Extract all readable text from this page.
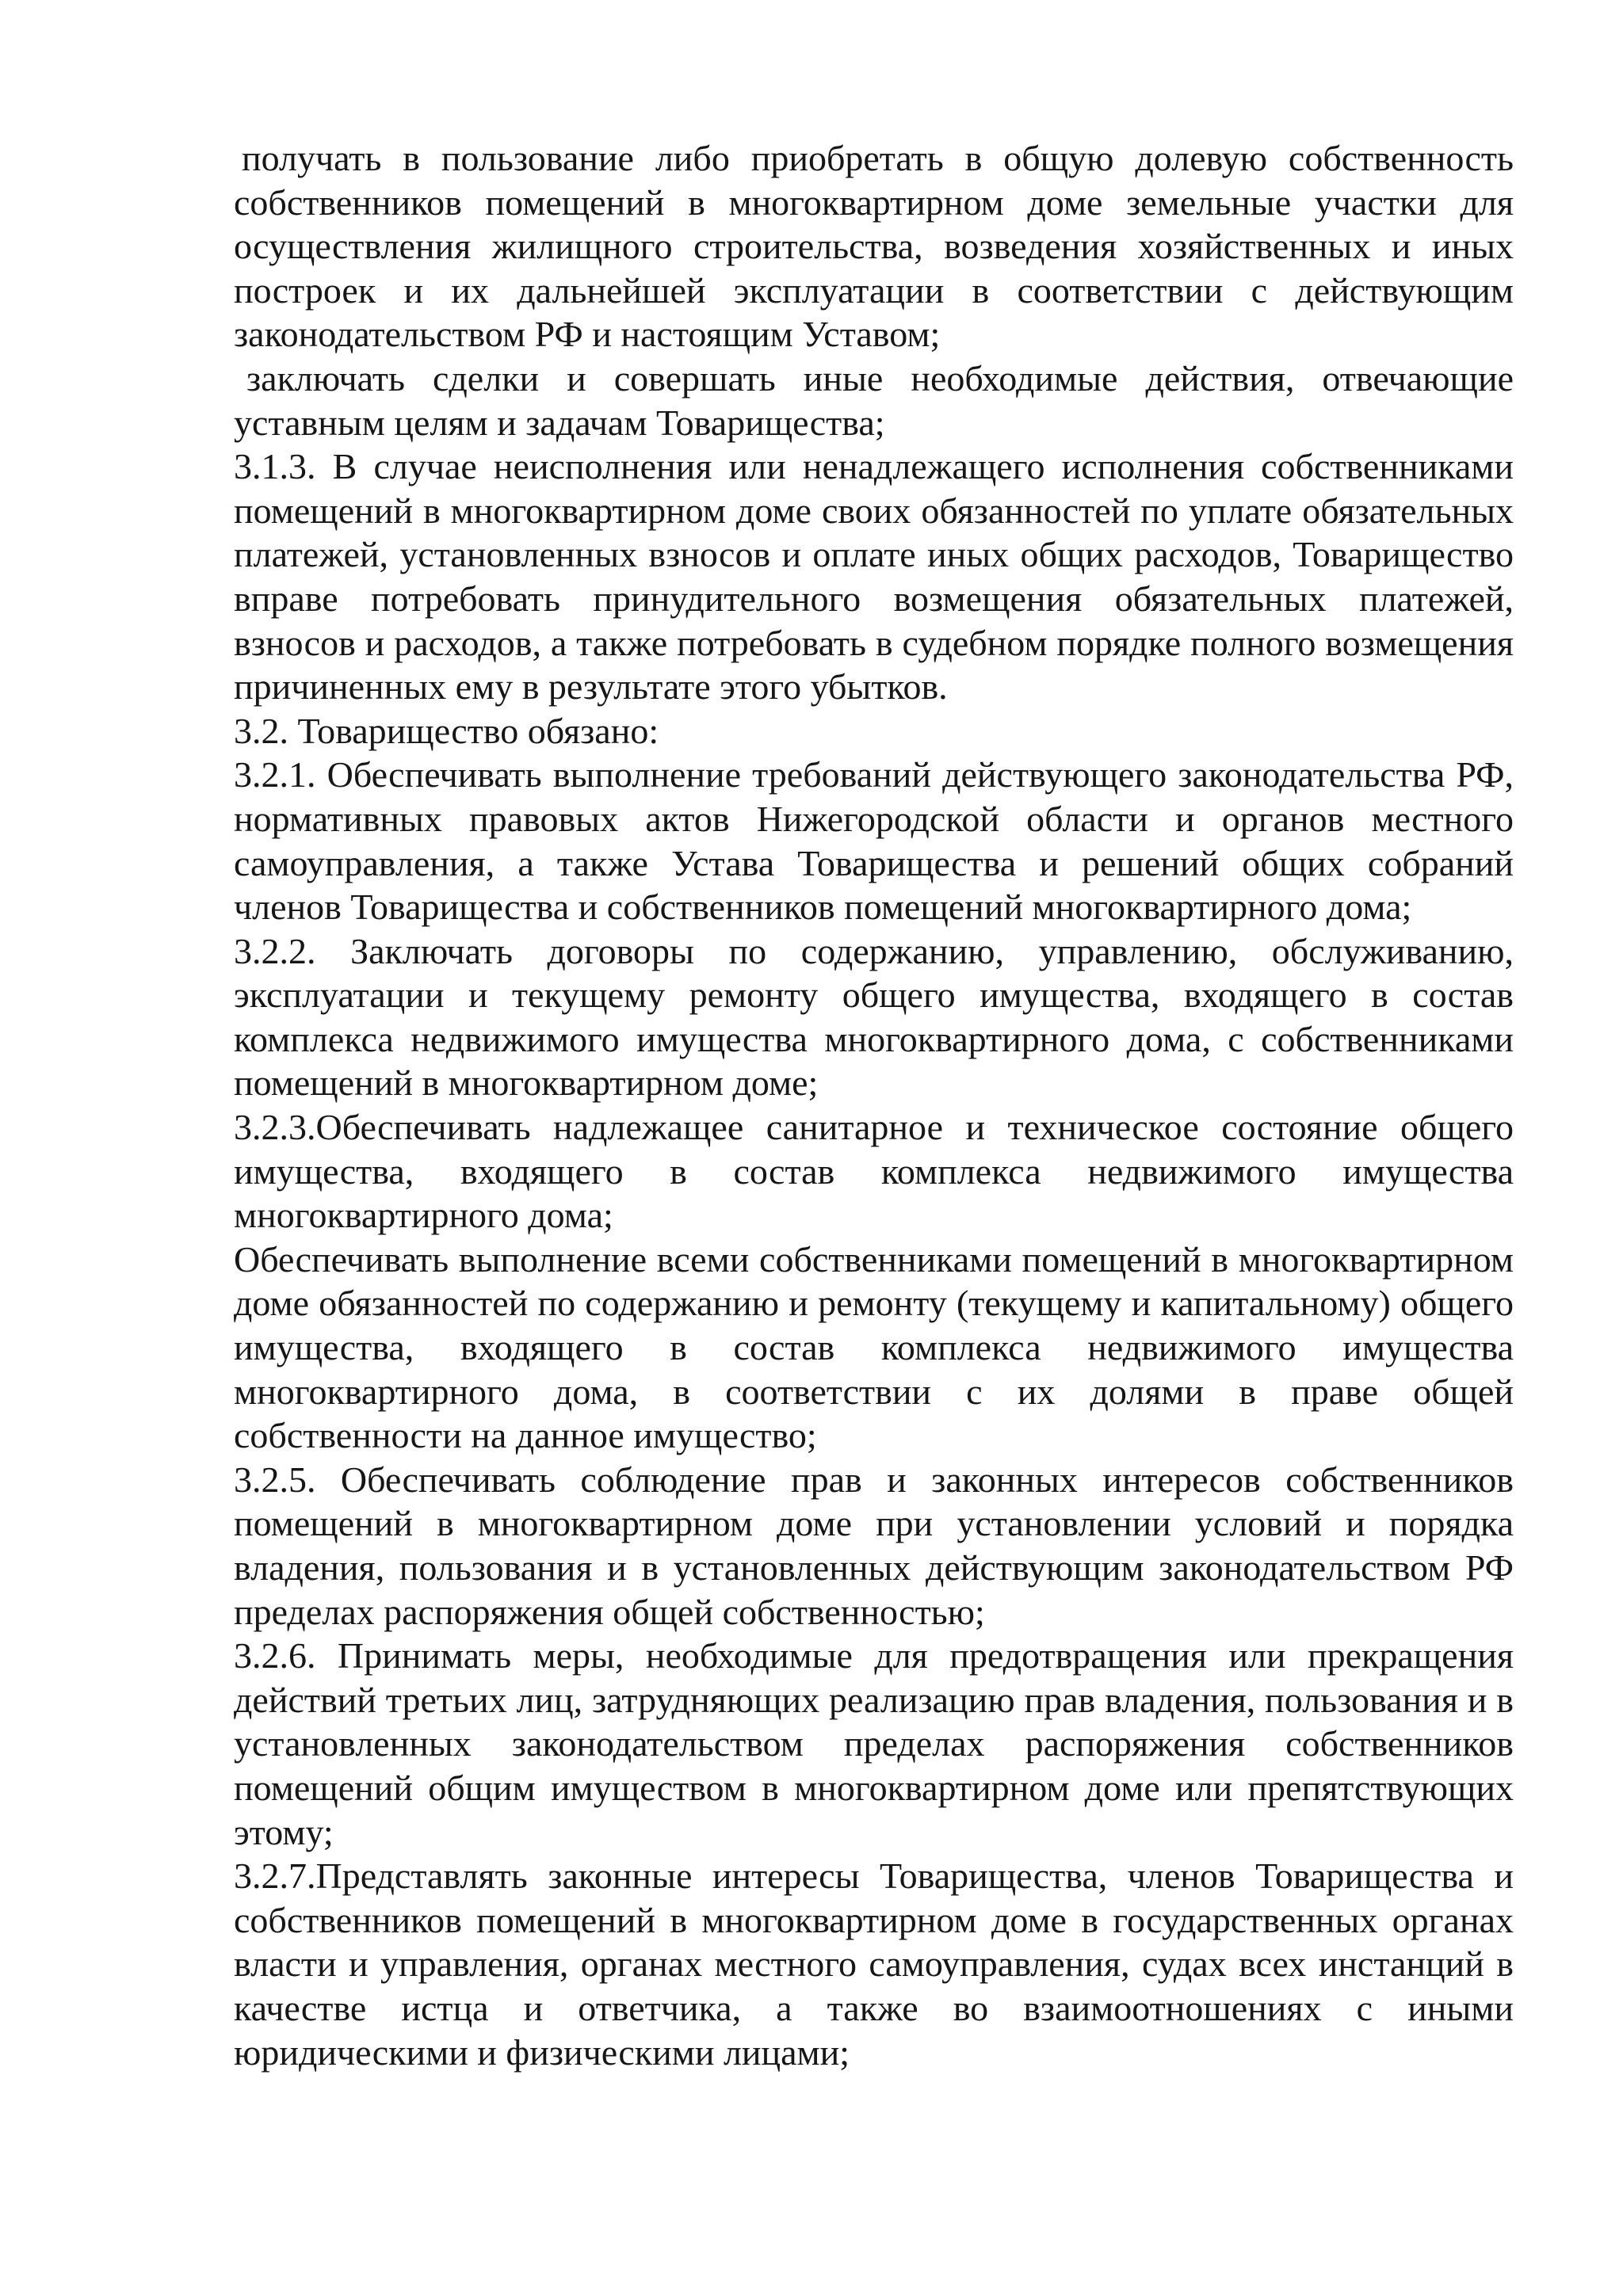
получать в пользование либо приобретать в общую долевую собственность собственников помещений в многоквартирном доме земельные участки для осуществления жилищного строительства, возведения хозяйственных и иных построек и их дальнейшей эксплуатации в соответствии с действующим законодательством РФ и настоящим Уставом;

заключать сделки и совершать иные необходимые действия, отвечающие уставным целям и задачам Товарищества;

3.1.3. В случае неисполнения или ненадлежащего исполнения собственниками помещений в многоквартирном доме своих обязанностей по уплате обязательных платежей, установленных взносов и оплате иных общих расходов, Товарищество вправе потребовать принудительного возмещения обязательных платежей, взносов и расходов, а также потребовать в судебном порядке полного возмещения причиненных ему в результате этого убытков.

3.2. Товарищество обязано:

3.2.1. Обеспечивать выполнение требований действующего законодательства РФ, нормативных правовых актов Нижегородской области и органов местного самоуправления, а также Устава Товарищества и решений общих собраний членов Товарищества и собственников помещений многоквартирного дома;

3.2.2. Заключать договоры по содержанию, управлению, обслуживанию, эксплуатации и текущему ремонту общего имущества, входящего в состав комплекса недвижимого имущества многоквартирного дома, с собственниками помещений в многоквартирном доме;

3.2.3.Обеспечивать надлежащее санитарное и техническое состояние общего имущества, входящего в состав комплекса недвижимого имущества многоквартирного дома;

Обеспечивать выполнение всеми собственниками помещений в многоквартирном доме обязанностей по содержанию и ремонту (текущему и капитальному) общего имущества, входящего в состав комплекса недвижимого имущества многоквартирного дома, в соответствии с их долями в праве общей собственности на данное имущество;

3.2.5. Обеспечивать соблюдение прав и законных интересов собственников помещений в многоквартирном доме при установлении условий и порядка владения, пользования и в установленных действующим законодательством РФ пределах распоряжения общей собственностью;

3.2.6. Принимать меры, необходимые для предотвращения или прекращения действий третьих лиц, затрудняющих реализацию прав владения, пользования и в установленных законодательством пределах распоряжения собственников помещений общим имуществом в многоквартирном доме или препятствующих этому;

3.2.7.Представлять законные интересы Товарищества, членов Товарищества и собственников помещений в многоквартирном доме в государственных органах власти и управления, органах местного самоуправления, судах всех инстанций в качестве истца и ответчика, а также во взаимоотношениях с иными юридическими и физическими лицами;
